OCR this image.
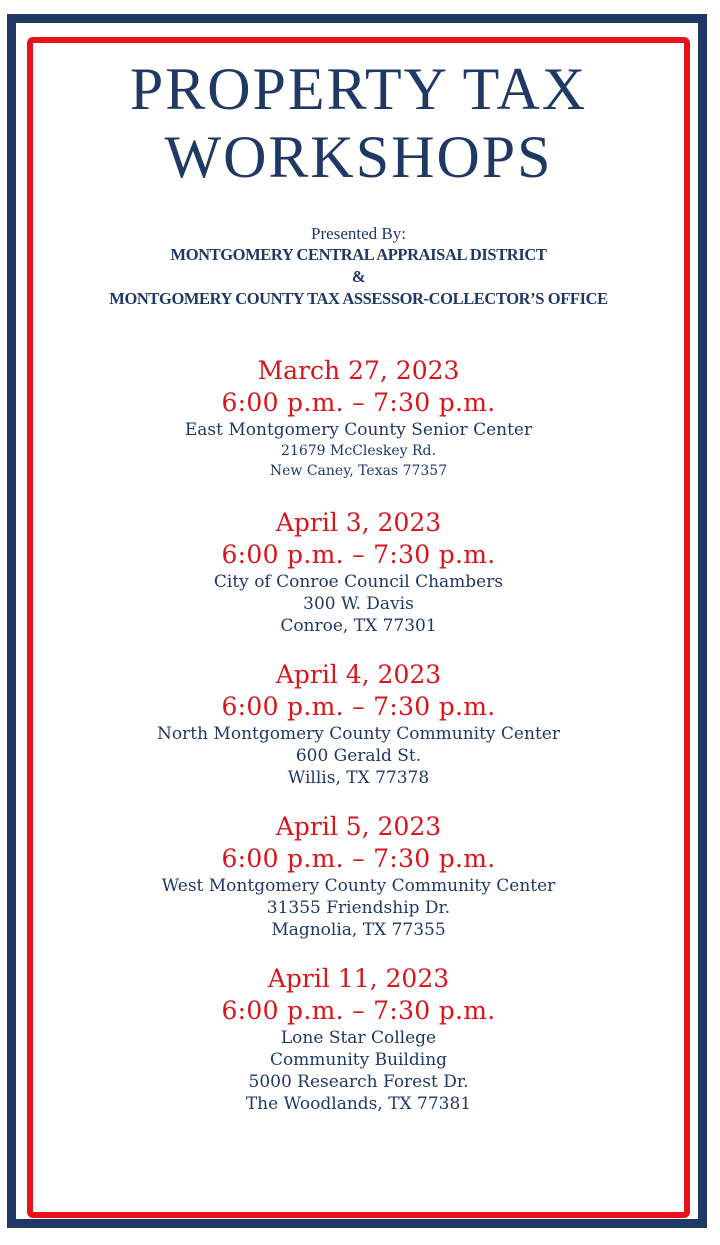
PROPERTY TAX
WORKSHOPS
Presented By:
MONTGOMERY CENTRAL APPRAISAL DISTRICT
&
MONTGOMERY COUNTY TAX ASSESSOR-COLLECTOR’S OFFICE
March 27, 2023
6:00 p.m. – 7:30 p.m.
East Montgomery County Senior Center
21679 McCleskey Rd.
New Caney, Texas 77357
April 3, 2023
6:00 p.m. – 7:30 p.m.
City of Conroe Council Chambers
300 W. Davis
Conroe, TX 77301
April 4, 2023
6:00 p.m. – 7:30 p.m.
North Montgomery County Community Center
600 Gerald St.
Willis, TX 77378
April 5, 2023
6:00 p.m. – 7:30 p.m.
West Montgomery County Community Center
31355 Friendship Dr.
Magnolia, TX 77355
April 11, 2023
6:00 p.m. – 7:30 p.m.
Lone Star College
Community Building
5000 Research Forest Dr.
The Woodlands, TX 77381
